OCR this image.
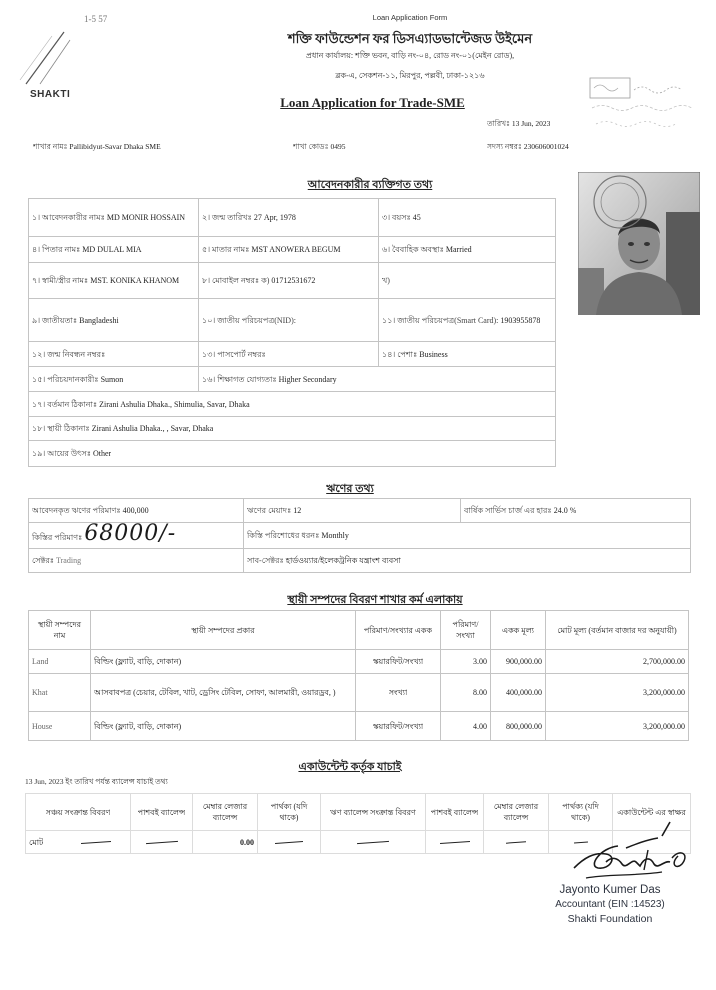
1-5 57	Loan Application Form
শক্তি ফাউন্ডেশন ফর ডিসএ্যাডভান্টেজড উইমেন
প্রধান কার্যালয়: শক্তি ভবন, বাড়ি নং-০৪, রোড নং-০১(মেইন রোড),
ব্লক-এ, সেকশন-১১, মিরপুর, পল্লবী, ঢাকা-১২১৬
SHAKTI
Loan Application for Trade-SME
তারিখঃ 13 Jun, 2023
শাখার নামঃ Pallibidyut-Savar Dhaka SME	শাখা কোডঃ 0495	সদস্য নম্বরঃ 230606001024
আবেদনকারীর ব্যক্তিগত তথ্য
১। আবেদনকারীর নামঃ MD MONIR HOSSAIN	২। জন্ম তারিখঃ 27 Apr, 1978	৩। বয়সঃ 45

৪। পিতার নামঃ MD DULAL MIA	৫। মাতার নামঃ MST ANOWERA BEGUM	৬। বৈবাহিক অবস্থাঃ Married

৭। স্বামী/স্ত্রীর নামঃ MST. KONIKA KHANOM	৮। মোবাইল নম্বরঃ ক) 01712531672	খ)

৯। জাতীয়তাঃ Bangladeshi	১০। জাতীয় পরিচয়পত্র(NID):	১১। জাতীয় পরিচয়পত্র(Smart Card): 1903955878

১২। জন্ম নিবন্ধন নম্বরঃ	১৩। পাসপোর্ট নম্বরঃ	১৪। পেশাঃ Business

১৫। পরিচয়দানকারীঃ Sumon	১৬। শিক্ষাগত যোগ্যতাঃ Higher Secondary	

১৭। বর্তমান ঠিকানাঃ Zirani Ashulia Dhaka., Shimulia, Savar, Dhaka		

১৮। স্থায়ী ঠিকানাঃ Zirani Ashulia Dhaka., , Savar, Dhaka		

১৯। আয়ের উৎসঃ Other		
ঋণের তথ্য
আবেদনকৃত ঋণের পরিমাণঃ 400,000	ঋণের মেয়াদঃ 12	বার্ষিক সার্ভিস চার্জ এর হারঃ 24.0 %

কিস্তির পরিমাণঃ 68000/-	কিস্তি পরিশোধের ধরনঃ Monthly	

সেক্টরঃ Trading	সাব-সেক্টরঃ হার্ডওয়্যার/ইলেকট্রনিক যন্ত্রাংশ ব্যবসা	
স্থায়ী সম্পদের বিবরণ শাখার কর্ম এলাকায়
স্থায়ী সম্পদের নাম	স্থায়ী সম্পদের প্রকার	পরিমাণ/সংখ্যার একক	পরিমাণ/ সংখ্যা	একক মূল্য	মোট মূল্য (বর্তমান বাজার দর অনুযায়ী)

Land	বিল্ডিং (ফ্ল্যাট, বাড়ি, দোকান)	স্কয়ারফিট/সংখ্যা	3.00	900,000.00	2,700,000.00

Khat	আসবাবপত্র (চেয়ার, টেবিল, খাট, ড্রেসিং টেবিল, সোফা, আলমারী, ওয়ারড্রব, )	সংখ্যা	8.00	400,000.00	3,200,000.00

House	বিল্ডিং (ফ্ল্যাট, বাড়ি, দোকান)	স্কয়ারফিট/সংখ্যা	4.00	800,000.00	3,200,000.00
একাউন্টেন্ট কর্তৃক যাচাই
13 Jun, 2023 ইং তারিখ পর্যন্ত ব্যালেন্স যাচাই তথ্য
সঞ্চয় সংক্রান্ত বিবরণ	পাশবই ব্যালেন্স	মেম্বার লেজার ব্যালেন্স	পার্থক্য (যদি থাকে)	ঋণ ব্যালেন্স সংক্রান্ত বিবরণ	পাশবই ব্যালেন্স	মেম্বার লেজার ব্যালেন্স	পার্থক্য (যদি থাকে)	একাউন্টেন্ট এর স্বাক্ষর

মোট		0.00						

Jayonto Kumer Das
Accountant (EIN :14523)
Shakti Foundation
